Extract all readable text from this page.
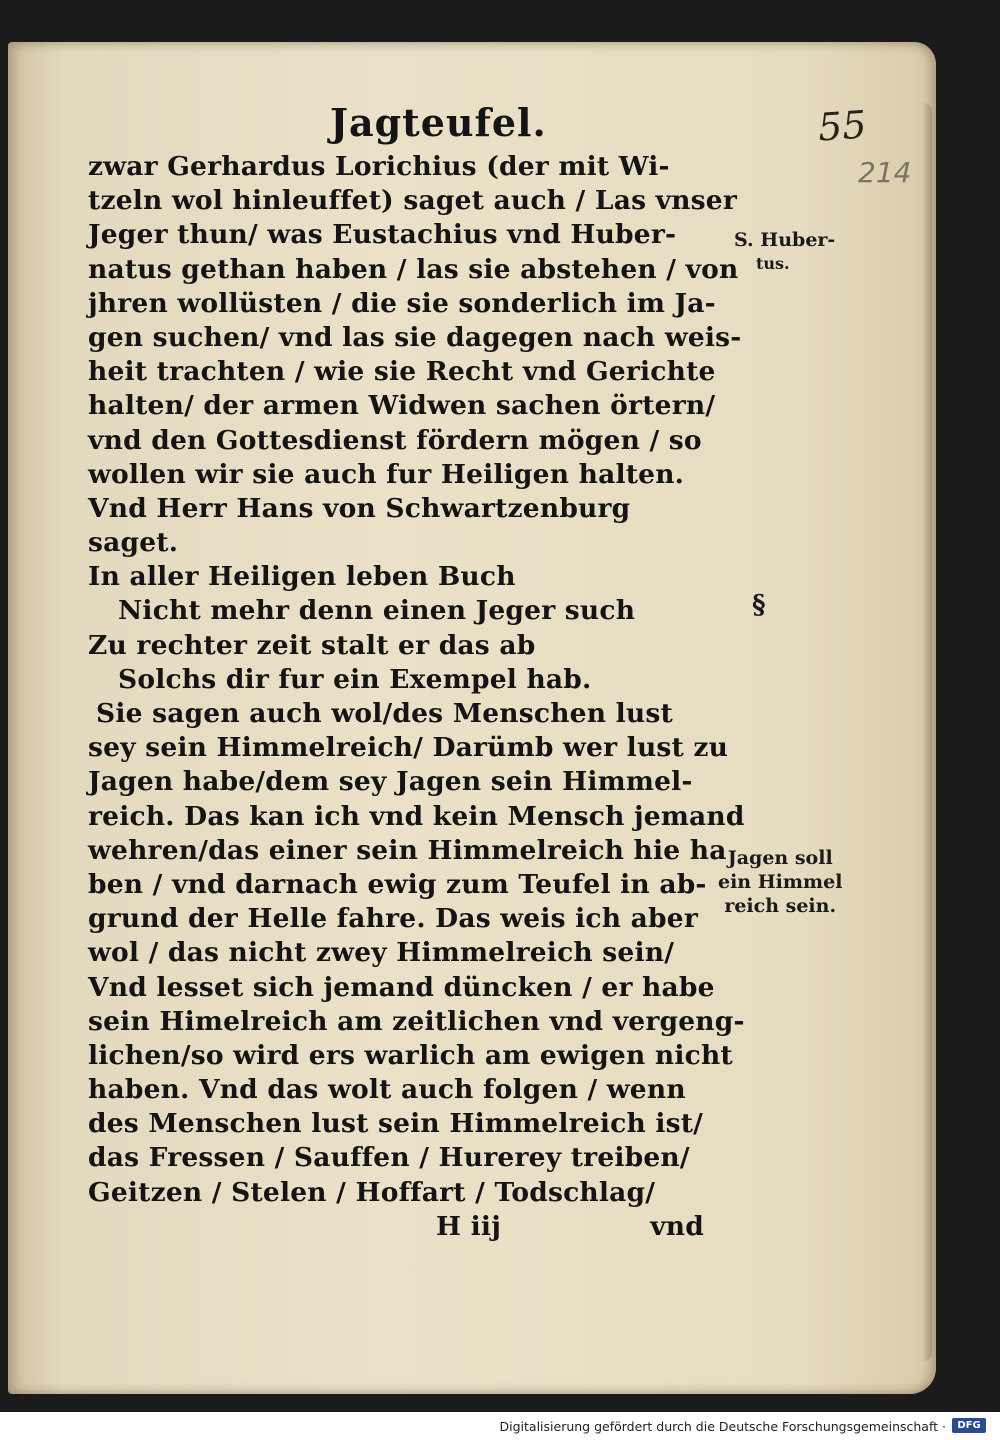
Jagteufel.	55
214
zwar Gerhardus Lorichius (der mit Wi-
tzeln wol hinleuffet) saget auch / Las vnser
Jeger thun/ was Eustachius vnd Huber-
natus gethan haben / las sie abstehen / von
jhren wollüsten / die sie sonderlich im Ja-
gen suchen/ vnd las sie dagegen nach weis-
heit trachten / wie sie Recht vnd Gerichte
halten/ der armen Widwen sachen örtern/
vnd den Gottesdienst fördern mögen / so
wollen wir sie auch fur Heiligen halten.
Vnd Herr Hans von Schwartzenburg
saget.
In aller Heiligen leben Buch
Nicht mehr denn einen Jeger such
Zu rechter zeit stalt er das ab
Solchs dir fur ein Exempel hab.
Sie sagen auch wol/des Menschen lust
sey sein Himmelreich/ Darümb wer lust zu
Jagen habe/dem sey Jagen sein Himmel-
reich. Das kan ich vnd kein Mensch jemand
wehren/das einer sein Himmelreich hie ha
ben / vnd darnach ewig zum Teufel in ab-
grund der Helle fahre. Das weis ich aber
wol / das nicht zwey Himmelreich sein/
Vnd lesset sich jemand düncken / er habe
sein Himelreich am zeitlichen vnd vergeng-
lichen/so wird ers warlich am ewigen nicht
haben. Vnd das wolt auch folgen / wenn
des Menschen lust sein Himmelreich ist/
das Fressen / Sauffen / Hurerey treiben/
Geitzen / Stelen / Hoffart / Todschlag/
H iij	vnd
S. Huber-
tus.
§
Jagen soll
ein Himmel
reich sein.
Digitalisierung gefördert durch die Deutsche Forschungsgemeinschaft ·	DFG
